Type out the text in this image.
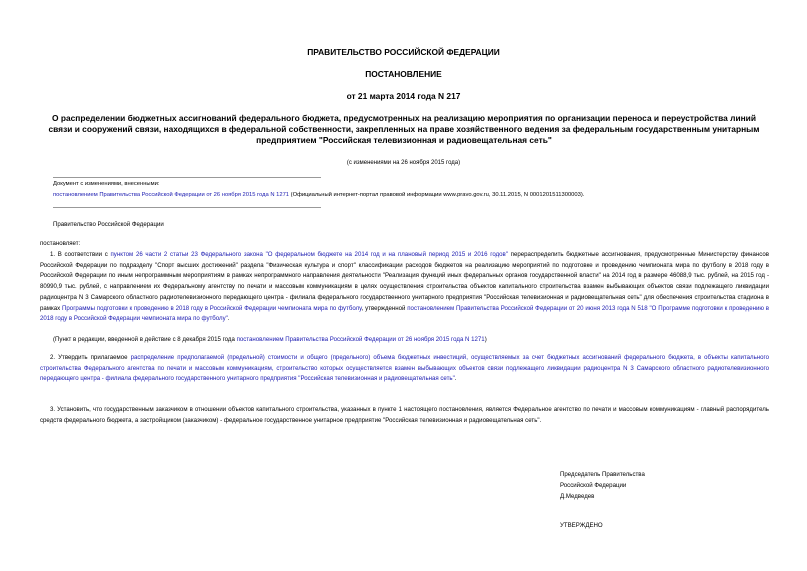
ПРАВИТЕЛЬСТВО РОССИЙСКОЙ ФЕДЕРАЦИИ
ПОСТАНОВЛЕНИЕ
от 21 марта 2014 года N 217
О распределении бюджетных ассигнований федерального бюджета, предусмотренных на реализацию мероприятия по организации переноса и переустройства линий связи и сооружений связи, находящихся в федеральной собственности, закрепленных на праве хозяйственного ведения за федеральным государственным унитарным предприятием "Российская телевизионная и радиовещательная сеть"
(с изменениями на 26 ноября 2015 года)
Документ с изменениями, внесенными:
постановлением Правительства Российской Федерации от 26 ноября 2015 года N 1271 (Официальный интернет-портал правовой информации www.pravo.gov.ru, 30.11.2015, N 0001201511300003).
Правительство Российской Федерации
постановляет:
1. В соответствии с пунктом 26 части 2 статьи 23 Федерального закона "О федеральном бюджете на 2014 год и на плановый период 2015 и 2016 годов" перераспределить бюджетные ассигнования, предусмотренные Министерству финансов Российской Федерации по подразделу "Спорт высших достижений" раздела "Физическая культура и спорт" классификации расходов бюджетов на реализацию мероприятий по подготовке и проведению чемпионата мира по футболу в 2018 году в Российской Федерации по иным непрограммным мероприятиям в рамках непрограммного направления деятельности "Реализация функций иных федеральных органов государственной власти" на 2014 год в размере 46088,9 тыс. рублей, на 2015 год - 80990,9 тыс. рублей, с направлением их Федеральному агентству по печати и массовым коммуникациям в целях осуществления строительства объектов капитального строительства взамен выбывающих объектов связи подлежащего ликвидации радиоцентра N 3 Самарского областного радиотелевизионного передающего центра - филиала федерального государственного унитарного предприятия "Российская телевизионная и радиовещательная сеть" для обеспечения строительства стадиона в рамках Программы подготовки к проведению в 2018 году в Российской Федерации чемпионата мира по футболу, утвержденной постановлением Правительства Российской Федерации от 20 июня 2013 года N 518 "О Программе подготовки к проведению в 2018 году в Российской Федерации чемпионата мира по футболу".
(Пункт в редакции, введенной в действие с 8 декабря 2015 года постановлением Правительства Российской Федерации от 26 ноября 2015 года N 1271)
2. Утвердить прилагаемое распределение предполагаемой (предельной) стоимости и общего (предельного) объема бюджетных инвестиций, осуществляемых за счет бюджетных ассигнований федерального бюджета, в объекты капитального строительства Федерального агентства по печати и массовым коммуникациям, строительство которых осуществляется взамен выбывающих объектов связи подлежащего ликвидации радиоцентра N 3 Самарского областного радиотелевизионного передающего центра - филиала федерального государственного унитарного предприятия "Российская телевизионная и радиовещательная сеть".
3. Установить, что государственным заказчиком в отношении объектов капитального строительства, указанных в пункте 1 настоящего постановления, является Федеральное агентство по печати и массовым коммуникациям - главный распорядитель средств федерального бюджета, а застройщиком (заказчиком) - федеральное государственное унитарное предприятие "Российская телевизионная и радиовещательная сеть".
Председатель Правительства
Российской Федерации
Д.Медведев
УТВЕРЖДЕНО
